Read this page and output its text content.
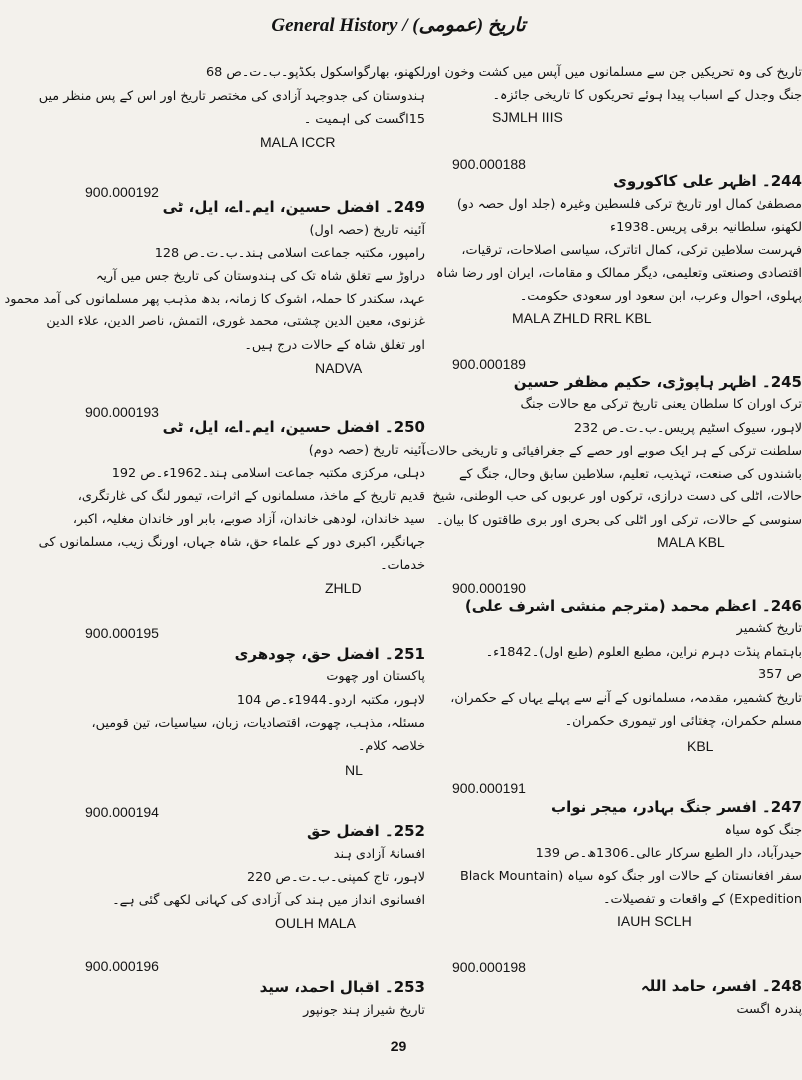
General History / (عمومی) تاریخ
لکھنو، بھارگواسکول بکڈپو۔ب۔ت۔ص 68
ہندوستان کی جدوجہد آزادی کی مختصر تاریخ اور اس کے پس منظر میں
15اگست کی اہمیت ۔
MALA ICCR
900.000192
249۔ افضل حسین، ایم۔اے، ایل، ٹی
آئینہ تاریخ (حصہ اول)
رامپور، مکتبہ جماعت اسلامی ہند۔ب۔ت۔ص 128
دراوڑ سے تغلق شاہ تک کی ہندوستان کی تاریخ جس میں آریہ
عہد، سکندر کا حملہ، اشوک کا زمانہ، بدھ مذہب پھر مسلمانوں کی آمد محمود
غزنوی، معین الدین چشتی، محمد غوری، التمش، ناصر الدین، علاء الدین
اور تغلق شاہ کے حالات درج ہیں۔
NADVA
900.000193
250۔ افضل حسین، ایم۔اے، ایل، ٹی
آئینہ تاریخ (حصہ دوم)
دہلی، مرکزی مکتبہ جماعت اسلامی ہند۔1962ء۔ص 192
قدیم تاریخ کے ماخذ، مسلمانوں کے اثرات، تیمور لنگ کی غارتگری،
سید خاندان، لودھی خاندان، آزاد صوبے، بابر اور خاندان مغلیہ، اکبر،
جہانگیر، اکبری دور کے علماء حق، شاہ جہاں، اورنگ زیب، مسلمانوں کی
خدمات۔
ZHLD
900.000195
251۔ افضل حق، چودھری
پاکستان اور چھوت
لاہور، مکتبہ اردو۔1944ء۔ص 104
مسئلہ، مذہب، چھوت، اقتصادیات، زبان، سیاسیات، تین قومیں،
خلاصہ کلام۔
NL
900.000194
252۔ افضل حق
افسانۂ آزادی ہند
لاہور، تاج کمپنی۔ب۔ت۔ص 220
افسانوی انداز میں ہند کی آزادی کی کہانی لکھی گئی ہے۔
OULH MALA
900.000196
253۔ اقبال احمد، سید
تاریخ شیراز ہند جونپور
تاریخ کی وہ تحریکیں جن سے مسلمانوں میں آپس میں کشت وخون اور
جنگ وجدل کے اسباب پیدا ہوئے تحریکوں کا تاریخی جائزہ۔
SJMLH IIIS
900.000188
244۔ اظہر علی کاکوروی
مصطفیٰ کمال اور تاریخ ترکی فلسطین وغیرہ (جلد اول حصہ دو)
لکھنو، سلطانیہ برقی پریس۔1938ء
فہرست سلاطین ترکی، کمال اتاترک، سیاسی اصلاحات، ترقیات،
اقتصادی وصنعتی وتعلیمی، دیگر ممالک و مقامات، ایران اور رضا شاہ
پہلوی، احوال وعرب، ابن سعود اور سعودی حکومت۔
MALA ZHLD RRL KBL
900.000189
245۔ اظہر ہاپوڑی، حکیم مظفر حسین
ترک اوران کا سلطان یعنی تاریخ ترکی مع حالات جنگ
لاہور، سیوک اسٹیم پریس۔ب۔ت۔ص 232
سلطنت ترکی کے ہر ایک صوبے اور حصے کے جغرافیائی و تاریخی حالات،
باشندوں کی صنعت، تہذیب، تعلیم، سلاطین سابق وحال، جنگ کے
حالات، اٹلی کی دست درازی، ترکوں اور عربوں کی حب الوطنی، شیخ
سنوسی کے حالات، ترکی اور اٹلی کی بحری اور بری طاقتوں کا بیان۔
MALA KBL
900.000190
246۔ اعظم محمد (مترجم منشی اشرف علی)
تاریخ کشمیر
باہتمام پنڈت دہرم نراین، مطبع العلوم (طبع اول)۔1842ء۔
ص 357
تاریخ کشمیر، مقدمہ، مسلمانوں کے آنے سے پہلے یہاں کے حکمران،
مسلم حکمران، چغتائی اور تیموری حکمران۔
KBL
900.000191
247۔ افسر جنگ بہادر، میجر نواب
جنگ کوہ سیاہ
حیدرآباد، دار الطبع سرکار عالی۔1306ھ۔ص 139
سفر افغانستان کے حالات اور جنگ کوہ سیاہ (Black Mountain
Expedition) کے واقعات و تفصیلات۔
IAUH SCLH
900.000198
248۔ افسر، حامد اللہ
پندرہ اگست
29
